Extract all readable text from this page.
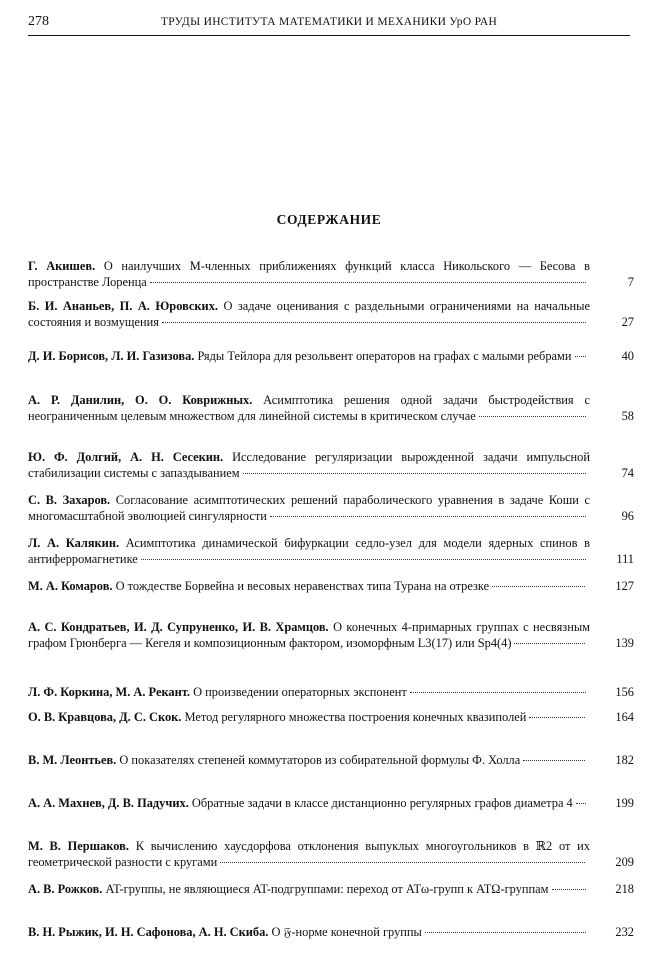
278	ТРУДЫ ИНСТИТУТА МАТЕМАТИКИ И МЕХАНИКИ УрО РАН
СОДЕРЖАНИЕ
Г. Акишев. О наилучших M-членных приближениях функций класса Никольского — Бесова в пространстве Лоренца	7
Б. И. Ананьев, П. А. Юровских. О задаче оценивания с раздельными ограничениями на начальные состояния и возмущения	27
Д. И. Борисов, Л. И. Газизова. Ряды Тейлора для резольвент операторов на графах с малыми ребрами	40
А. Р. Данилин, О. О. Коврижных. Асимптотика решения одной задачи быстродействия с неограниченным целевым множеством для линейной системы в критическом случае	58
Ю. Ф. Долгий, А. Н. Сесекин. Исследование регуляризации вырожденной задачи импульсной стабилизации системы с запаздыванием	74
С. В. Захаров. Согласование асимптотических решений параболического уравнения в задаче Коши с многомасштабной эволюцией сингулярности	96
Л. А. Калякин. Асимптотика динамической бифуркации седло-узел для модели ядерных спинов в антиферромагнетике	111
М. А. Комаров. О тождестве Борвейна и весовых неравенствах типа Турана на отрезке	127
А. С. Кондратьев, И. Д. Супруненко, И. В. Храмцов. О конечных 4-примарных группах с несвязным графом Грюнберга — Кегеля и композиционным фактором, изоморфным L3(17) или Sp4(4)	139
Л. Ф. Коркина, М. А. Рекант. О произведении операторных экспонент	156
О. В. Кравцова, Д. С. Скок. Метод регулярного множества построения конечных квазиполей	164
В. М. Леонтьев. О показателях степеней коммутаторов из собирательной формулы Ф. Холла	182
А. А. Махнев, Д. В. Падучих. Обратные задачи в классе дистанционно регулярных графов диаметра 4	199
М. В. Першаков. К вычислению хаусдорфова отклонения выпуклых многоугольников в ℝ2 от их геометрической разности с кругами	209
А. В. Рожков. AT-группы, не являющиеся AT-подгруппами: переход от ATω-групп к ATΩ-группам	218
В. Н. Рыжик, И. Н. Сафонова, А. Н. Скиба. О 𝔉-норме конечной группы	232
